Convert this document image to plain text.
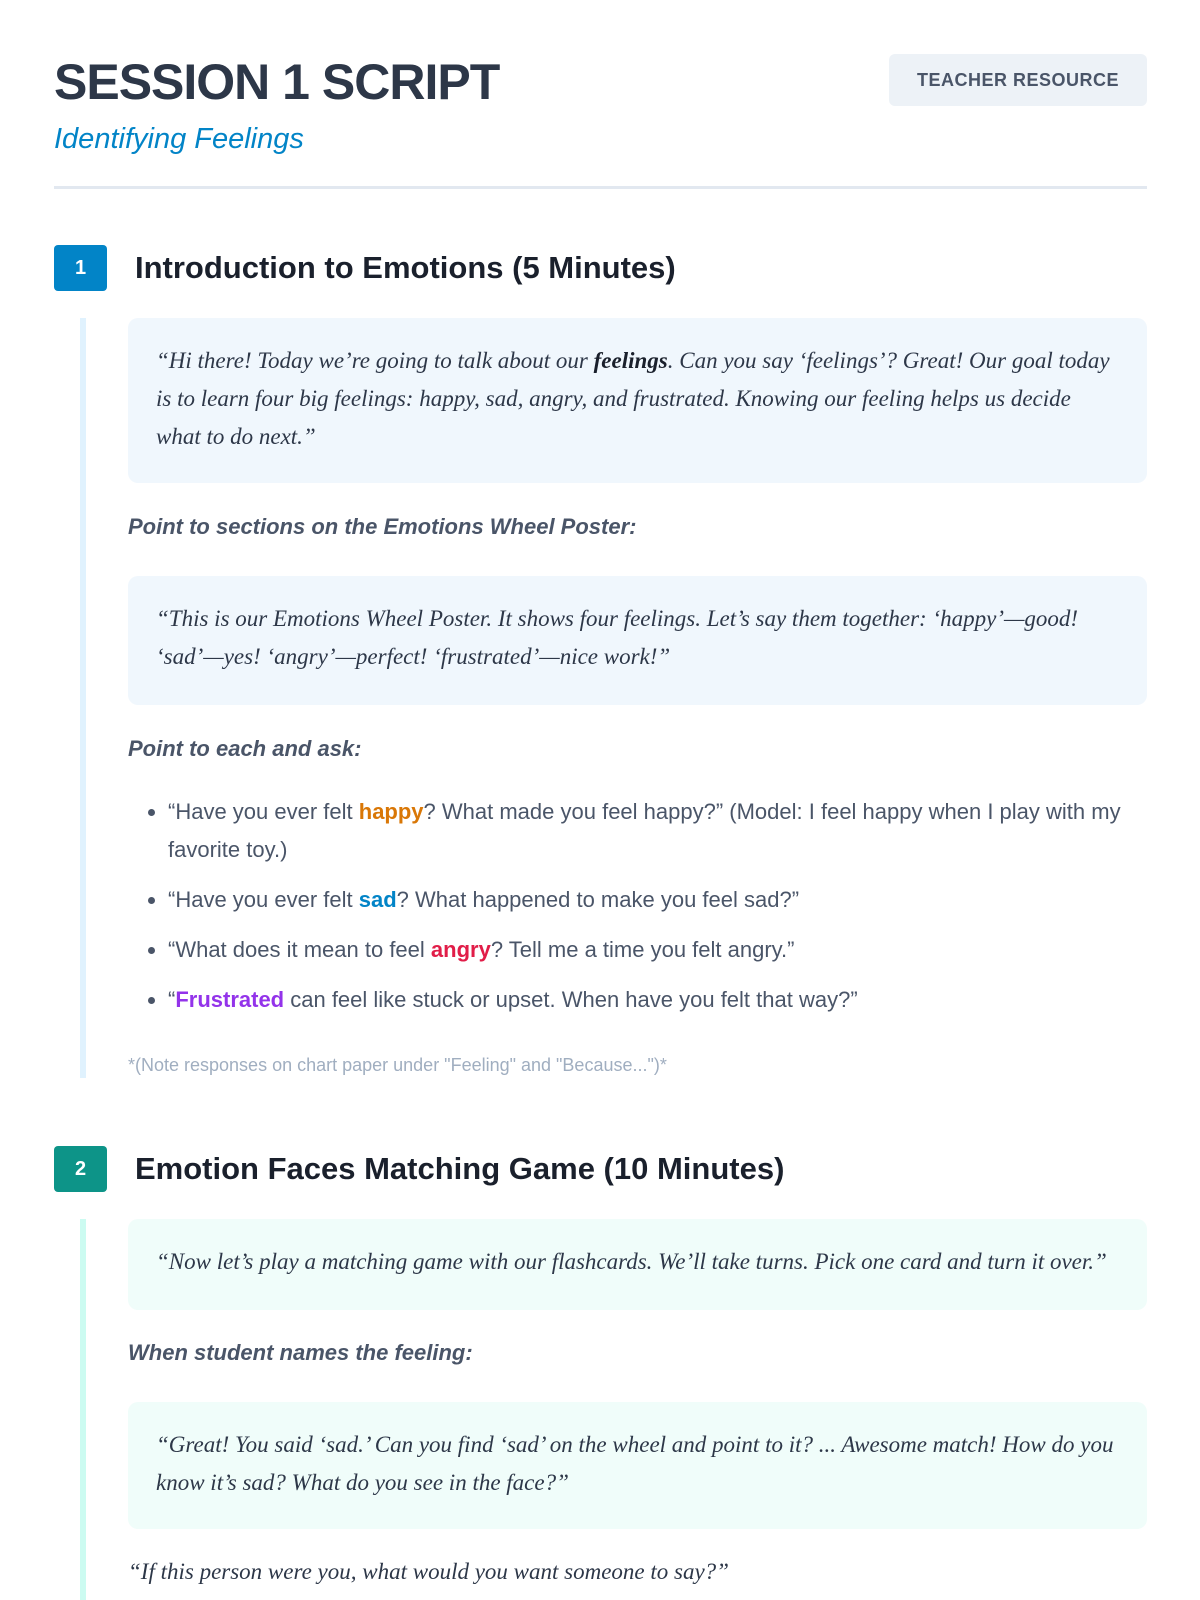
SESSION 1 SCRIPT
Identifying Feelings
TEACHER RESOURCE
1	Introduction to Emotions (5 Minutes)
“Hi there! Today we’re going to talk about our feelings. Can you say ‘feelings’? Great! Our goal today is to learn four big feelings: happy, sad, angry, and frustrated. Knowing our feeling helps us decide what to do next.”
Point to sections on the Emotions Wheel Poster:
“This is our Emotions Wheel Poster. It shows four feelings. Let’s say them together: ‘happy’—good! ‘sad’—yes! ‘angry’—perfect! ‘frustrated’—nice work!”
Point to each and ask:
• “Have you ever felt happy? What made you feel happy?” (Model: I feel happy when I play with my favorite toy.)
• “Have you ever felt sad? What happened to make you feel sad?”
• “What does it mean to feel angry? Tell me a time you felt angry.”
• “Frustrated can feel like stuck or upset. When have you felt that way?”
*(Note responses on chart paper under "Feeling" and "Because...")*
2	Emotion Faces Matching Game (10 Minutes)
“Now let’s play a matching game with our flashcards. We’ll take turns. Pick one card and turn it over.”
When student names the feeling:
“Great! You said ‘sad.’ Can you find ‘sad’ on the wheel and point to it? ... Awesome match! How do you know it’s sad? What do you see in the face?”
“If this person were you, what would you want someone to say?”
